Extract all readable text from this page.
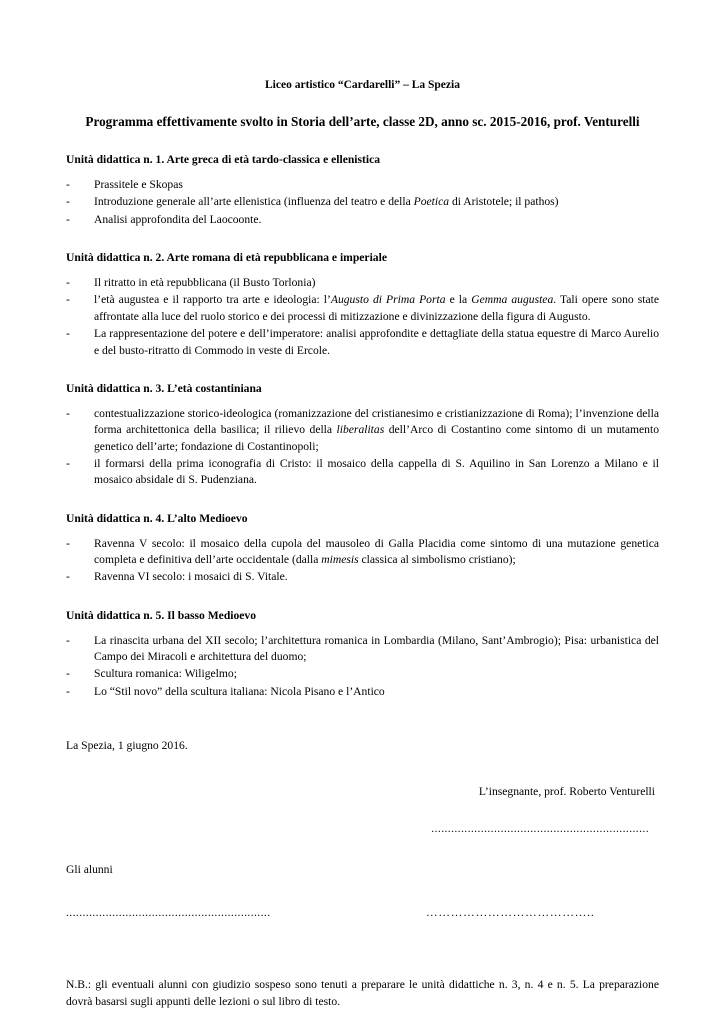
Liceo artistico “Cardarelli” – La Spezia
Programma effettivamente svolto in Storia dell’arte, classe 2D, anno sc. 2015-2016, prof. Venturelli
Unità didattica n. 1. Arte greca di età tardo-classica e ellenistica
-	Prassitele e Skopas
-	Introduzione generale all’arte ellenistica (influenza del teatro e della Poetica di Aristotele; il pathos)
-	Analisi approfondita del Laocoonte.
Unità didattica n. 2. Arte romana di età repubblicana e imperiale
-	Il ritratto in età repubblicana (il Busto Torlonia)
-	l’età augustea e il rapporto tra arte e ideologia: l’Augusto di Prima Porta e la Gemma augustea. Tali opere sono state affrontate alla luce del ruolo storico e dei processi di mitizzazione e divinizzazione della figura di Augusto.
-	La rappresentazione del potere e dell’imperatore: analisi approfondite e dettagliate della statua equestre di Marco Aurelio e del busto-ritratto di Commodo in veste di Ercole.
Unità didattica n. 3. L’età costantiniana
-	contestualizzazione storico-ideologica (romanizzazione del cristianesimo e cristianizzazione di Roma); l’invenzione della forma architettonica della basilica; il rilievo della liberalitas dell’Arco di Costantino come sintomo di un mutamento genetico dell’arte; fondazione di Costantinopoli;
-	il formarsi della prima iconografia di Cristo: il mosaico della cappella di S. Aquilino in San Lorenzo a Milano e il mosaico absidale di S. Pudenziana.
Unità didattica n. 4. L’alto Medioevo
-	Ravenna V secolo: il mosaico della cupola del mausoleo di Galla Placidia come sintomo di una mutazione genetica completa e definitiva dell’arte occidentale (dalla mimesis classica al simbolismo cristiano);
-	Ravenna VI secolo: i mosaici di S. Vitale.
Unità didattica n. 5. Il basso Medioevo
-	La rinascita urbana del XII secolo; l’architettura romanica in Lombardia (Milano, Sant’Ambrogio); Pisa: urbanistica del Campo dei Miracoli e architettura del duomo;
-	Scultura romanica: Wiligelmo;
-	Lo “Stil novo” della scultura italiana: Nicola Pisano e l’Antico
La Spezia, 1 giugno 2016.
L’insegnante, prof. Roberto Venturelli
..................................................................
Gli alunni
..............................................................	…………………………………..
N.B.: gli eventuali alunni con giudizio sospeso sono tenuti a preparare le unità didattiche n. 3, n. 4 e n. 5. La preparazione dovrà basarsi sugli appunti delle lezioni o sul libro di testo.
